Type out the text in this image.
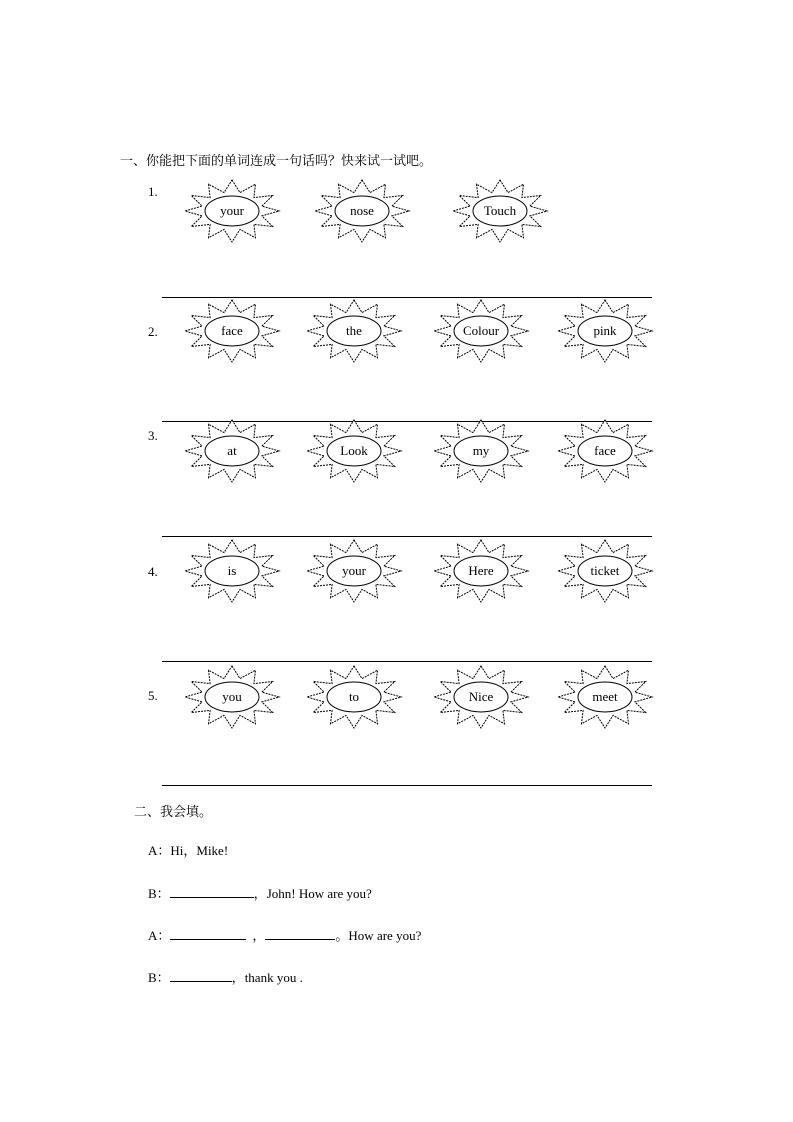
一、你能把下面的单词连成一句话吗？快来试一试吧。
1.
your	nose	Touch
2.	face	the	Colour	pink
3.
at	Look	my	face
4.	is	your	Here	ticket
5.	you	to	Nice	meet
二、我会填。
A：Hi，Mike!
B：	，John! How are you?
A：	，	。How are you?
B：	，thank you .
